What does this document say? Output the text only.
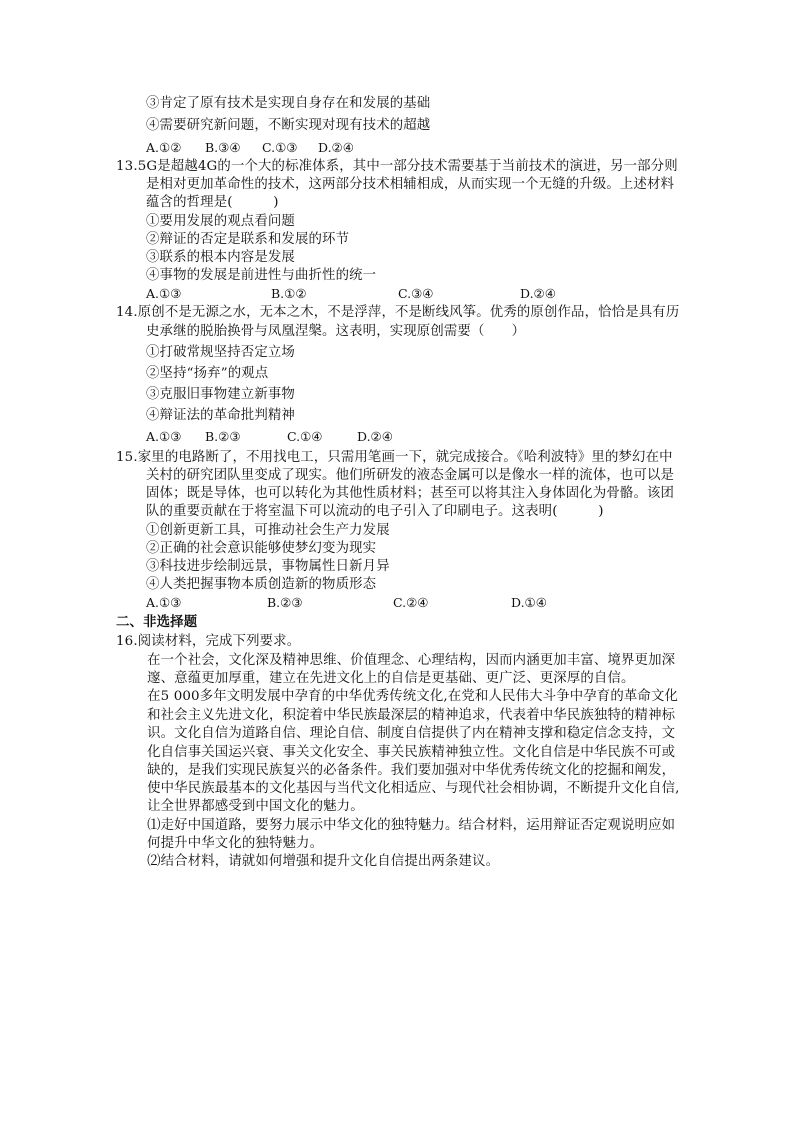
③肯定了原有技术是实现自身存在和发展的基础
④需要研究新问题，不断实现对现有技术的超越
A.①② B.③④ C.①③ D.②④
13.5G是超越4G的一个大的标准体系，其中一部分技术需要基于当前技术的演进，另一部分则
是相对更加革命性的技术，这两部分技术相辅相成，从而实现一个无缝的升级。上述材料
蕴含的哲理是(　　　)
①要用发展的观点看问题
②辩证的否定是联系和发展的环节
③联系的根本内容是发展
④事物的发展是前进性与曲折性的统一
A.①③	B.①②	C.③④	D.②④
14.原创不是无源之水，无本之木，不是浮萍，不是断线风筝。优秀的原创作品，恰恰是具有历
史承继的脱胎换骨与凤凰涅槃。这表明，实现原创需要（　　）
①打破常规坚持否定立场
②坚持“扬弃”的观点
③克服旧事物建立新事物
④辩证法的革命批判精神
A.①③ B.②③	C.①④	D.②④
15.家里的电路断了，不用找电工，只需用笔画一下，就完成接合。《哈利波特》里的梦幻在中
关村的研究团队里变成了现实。他们所研发的液态金属可以是像水一样的流体，也可以是
固体；既是导体，也可以转化为其他性质材料；甚至可以将其注入身体固化为骨骼。该团
队的重要贡献在于将室温下可以流动的电子引入了印刷电子。这表明(　　　)
①创新更新工具，可推动社会生产力发展
②正确的社会意识能够使梦幻变为现实
③科技进步绘制远景，事物属性日新月异
④人类把握事物本质创造新的物质形态
A.①③	B.②③	C.②④	D.①④
二、非选择题
16.阅读材料，完成下列要求。
　　在一个社会，文化深及精神思维、价值理念、心理结构，因而内涵更加丰富、境界更加深
　　邃、意蕴更加厚重，建立在先进文化上的自信是更基础、更广泛、更深厚的自信。
　　在5 000多年文明发展中孕育的中华优秀传统文化,在党和人民伟大斗争中孕育的革命文化
　　和社会主义先进文化，积淀着中华民族最深层的精神追求，代表着中华民族独特的精神标
　　识。文化自信为道路自信、理论自信、制度自信提供了内在精神支撑和稳定信念支持，文
　　化自信事关国运兴衰、事关文化安全、事关民族精神独立性。文化自信是中华民族不可或
　　缺的，是我们实现民族复兴的必备条件。我们要加强对中华优秀传统文化的挖掘和阐发，
　　使中华民族最基本的文化基因与当代文化相适应、与现代社会相协调，不断提升文化自信,
　　让全世界都感受到中国文化的魅力。
　　⑴走好中国道路，要努力展示中华文化的独特魅力。结合材料，运用辩证否定观说明应如
　　何提升中华文化的独特魅力。
　　⑵结合材料，请就如何增强和提升文化自信提出两条建议。
